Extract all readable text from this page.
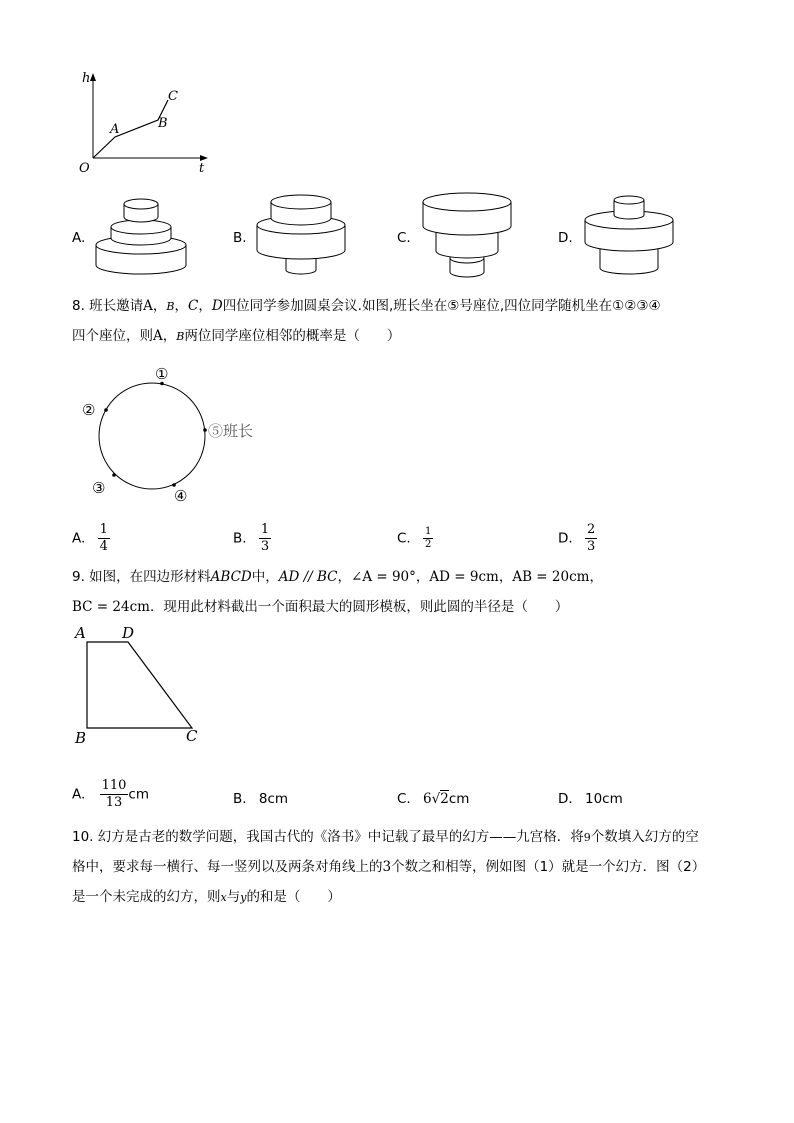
h
t
O
A	B
C
A.	B.	C.	D.
8. 班长邀请A，B，C，D四位同学参加圆桌会议.如图,班长坐在⑤号座位,四位同学随机坐在①②③④
四个座位，则A，B两位同学座位相邻的概率是（　　）
①
②
③	④
⑤班长
A. $\frac{1}{4}$	B. $\frac{1}{3}$	C. $\frac{1}{2}$	D. $\frac{2}{3}$
9. 如图，在四边形材料ABCD中，AD // BC，∠A = 90°，AD = 9cm，AB = 20cm，
BC = 24cm．现用此材料截出一个面积最大的圆形模板，则此圆的半径是（　　）
A D
B	C
A. $\frac{110}{13}$ cm	B. 8cm	C. 6√2cm	D. 10cm
10. 幻方是古老的数学问题，我国古代的《洛书》中记载了最早的幻方——九宫格．将9个数填入幻方的空
格中，要求每一横行、每一竖列以及两条对角线上的3个数之和相等，例如图（1）就是一个幻方．图（2）
是一个未完成的幻方，则x与y的和是（　　）
